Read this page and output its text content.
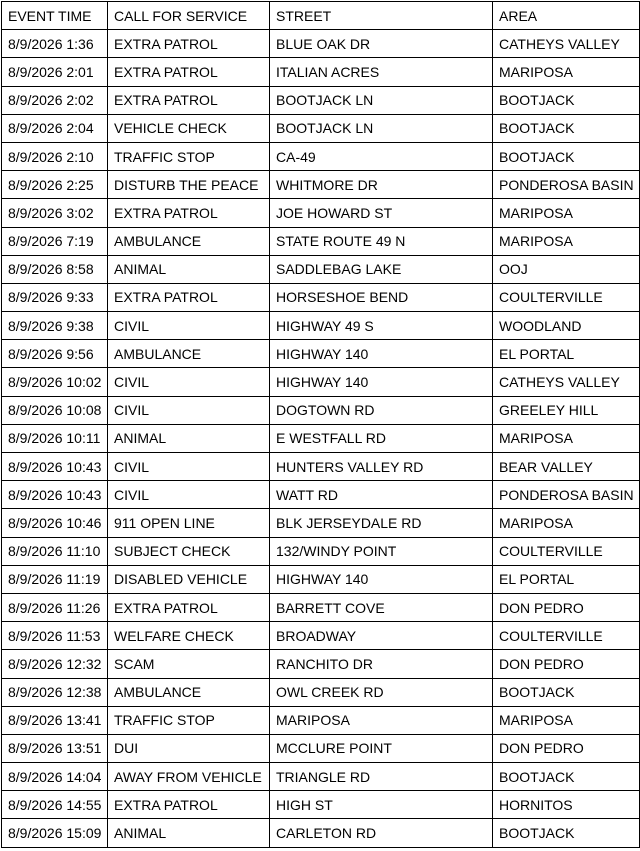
EVENT TIME	CALL FOR SERVICE	STREET	AREA
8/9/2026 1:36	EXTRA PATROL	BLUE OAK DR	CATHEYS VALLEY
8/9/2026 2:01	EXTRA PATROL	ITALIAN ACRES	MARIPOSA
8/9/2026 2:02	EXTRA PATROL	BOOTJACK LN	BOOTJACK
8/9/2026 2:04	VEHICLE CHECK	BOOTJACK LN	BOOTJACK
8/9/2026 2:10	TRAFFIC STOP	CA-49	BOOTJACK
8/9/2026 2:25	DISTURB THE PEACE	WHITMORE DR	PONDEROSA BASIN
8/9/2026 3:02	EXTRA PATROL	JOE HOWARD ST	MARIPOSA
8/9/2026 7:19	AMBULANCE	STATE ROUTE 49 N	MARIPOSA
8/9/2026 8:58	ANIMAL	SADDLEBAG LAKE	OOJ
8/9/2026 9:33	EXTRA PATROL	HORSESHOE BEND	COULTERVILLE
8/9/2026 9:38	CIVIL	HIGHWAY 49 S	WOODLAND
8/9/2026 9:56	AMBULANCE	HIGHWAY 140	EL PORTAL
8/9/2026 10:02	CIVIL	HIGHWAY 140	CATHEYS VALLEY
8/9/2026 10:08	CIVIL	DOGTOWN RD	GREELEY HILL
8/9/2026 10:11	ANIMAL	E WESTFALL RD	MARIPOSA
8/9/2026 10:43	CIVIL	HUNTERS VALLEY RD	BEAR VALLEY
8/9/2026 10:43	CIVIL	WATT RD	PONDEROSA BASIN
8/9/2026 10:46	911 OPEN LINE	BLK JERSEYDALE RD	MARIPOSA
8/9/2026 11:10	SUBJECT CHECK	132/WINDY POINT	COULTERVILLE
8/9/2026 11:19	DISABLED VEHICLE	HIGHWAY 140	EL PORTAL
8/9/2026 11:26	EXTRA PATROL	BARRETT COVE	DON PEDRO
8/9/2026 11:53	WELFARE CHECK	BROADWAY	COULTERVILLE
8/9/2026 12:32	SCAM	RANCHITO DR	DON PEDRO
8/9/2026 12:38	AMBULANCE	OWL CREEK RD	BOOTJACK
8/9/2026 13:41	TRAFFIC STOP	MARIPOSA	MARIPOSA
8/9/2026 13:51	DUI	MCCLURE POINT	DON PEDRO
8/9/2026 14:04	AWAY FROM VEHICLE	TRIANGLE RD	BOOTJACK
8/9/2026 14:55	EXTRA PATROL	HIGH ST	HORNITOS
8/9/2026 15:09	ANIMAL	CARLETON RD	BOOTJACK
